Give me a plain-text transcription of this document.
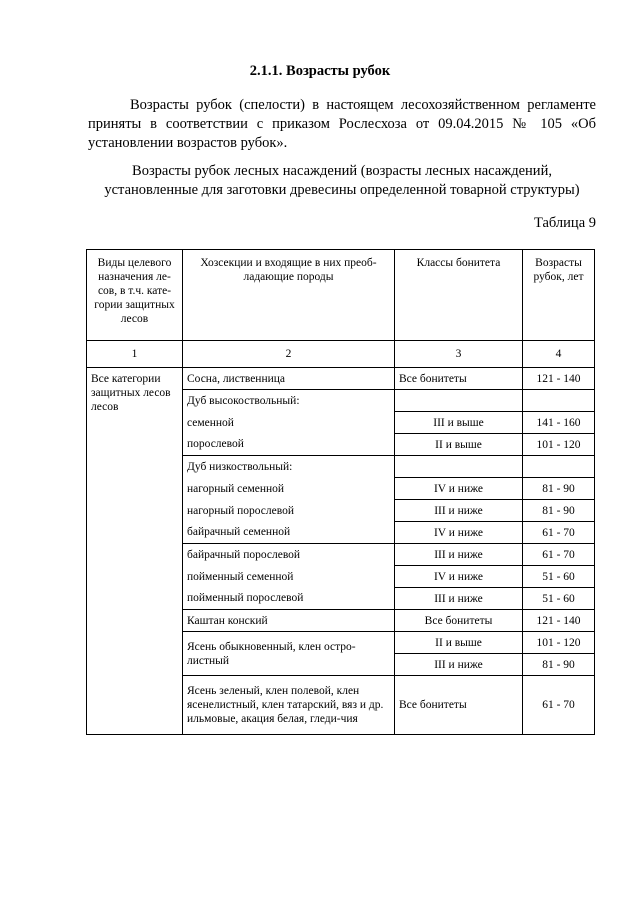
2.1.1. Возрасты рубок

Возрасты рубок (спелости) в настоящем лесохозяйственном регламенте
приняты в соответствии с приказом Рослесхоза от 09.04.2015 № 105 «Об
установлении возрастов рубок».

Возрасты рубок лесных насаждений (возрасты лесных насаждений,
установленные для заготовки древесины определенной товарной структуры)

Таблица 9
Виды целевого назначения ле-сов, в т.ч. кате-гории защитных лесов	Хозсекции и входящие в них преоб-ладающие породы	Классы бонитета	Возрасты рубок, лет
1	2	3	4
Все категории защитных лесов лесов	Сосна, лиственница	Все бонитеты	121 - 140
	Дуб высокоствольный:		
	семенной	III и выше	141 - 160
	порослевой	II и выше	101 - 120
	Дуб низкоствольный:		
	нагорный семенной	IV и ниже	81 - 90
	нагорный порослевой	III и ниже	81 - 90
	байрачный семенной	IV и ниже	61 - 70
	байрачный порослевой	III и ниже	61 - 70
	пойменный семенной	IV и ниже	51 - 60
	пойменный порослевой	III и ниже	51 - 60
	Каштан конский	Все бонитеты	121 - 140
	Ясень обыкновенный, клен остро-листный	II и выше	101 - 120
		III и ниже	81 - 90
	Ясень зеленый, клен полевой, клен ясенелистный, клен татарский, вяз и др. ильмовые, акация белая, гледи-чия	Все бонитеты	61 - 70
